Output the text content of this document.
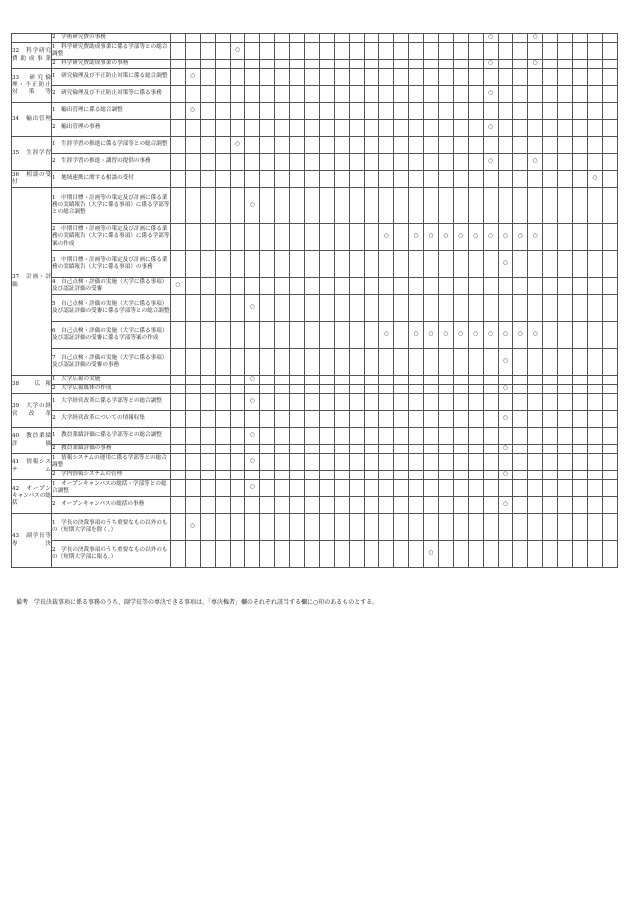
	2　学術研究費の事務																						○			○					
32　科学研究費助成事業	1　科学研究費助成事業に係る学部等との総合調整					○																									
	2　科学研究費助成事業の事務																						○			○					
33　研究倫理・不正防止対策等	1　研究倫理及び不正防止対策に係る総合調整		○																												
	2　研究倫理及び不正防止対策等に係る事務																						○								
34　輸出管理	1　輸出管理に係る総合調整		○																												
	2　輸出管理の事務																						○								
35　生涯学習	1　生涯学習の推進に係る学部等との総合調整					○																									
	2　生涯学習の推進・講習の提供の事務																						○			○					
36　相談の受付	1　地域連携に関する相談の受付																													○	
37　計画・評価	1　中期目標・計画等の策定及び計画に係る業務の実績報告（大学に係る事項）に係る学部等との総合調整						○																								
	2　中期目標・計画等の策定及び計画に係る業務の実績報告（大学に係る事項）に係る学部等案の作成															○		○	○	○	○	○	○	○	○	○					
	3　中期目標・計画等の策定及び計画に係る業務の実績報告（大学に係る事項）の事務																							○							
	4　自己点検・評価の実施（大学に係る事項）及び認証評価の受審	○																													
	5　自己点検・評価の実施（大学に係る事項）及び認証評価の受審に係る学部等との総合調整						○																								
	6　自己点検・評価の実施（大学に係る事項）及び認証評価の受審に係る学部等案の作成															○		○	○	○	○	○	○	○	○	○					
	7　自己点検・評価の実施（大学に係る事項）及び認証評価の受審の事務																							○							
38　広報	1　大学広報の実施						○																								
	2　大学広報媒体の作成																							○							
39　大学の経営改革	1　大学経営改革に係る学部等との総合調整						○																								
	2　大学経営改革についての情報収集																							○							
40　教員業績評価	1　教員業績評価に係る学部等との総合調整						○																								
	2　教員業績評価の事務																							○							
41　情報システム	1　情報システムの運用に係る学部等との総合調整						○																								
	2　学内情報システムの管理																							○							
42　オープンキャンパスの総括	1　オープンキャンパスの総括・学部等との総合調整						○																								
	2　オープンキャンパスの総括の事務																							○							
43　副学長等専決	1　学長の決裁事項のうち重要なもの以外のもの（短期大学部を除く。）		○																												
	2　学長の決裁事項のうち重要なもの以外のもの（短期大学部に限る。）																		○												
備考　学長決裁事項に係る事務のうち、副学長等の専決できる事項は、「専決権者」欄のそれぞれ該当する欄に○印のあるものとする。
